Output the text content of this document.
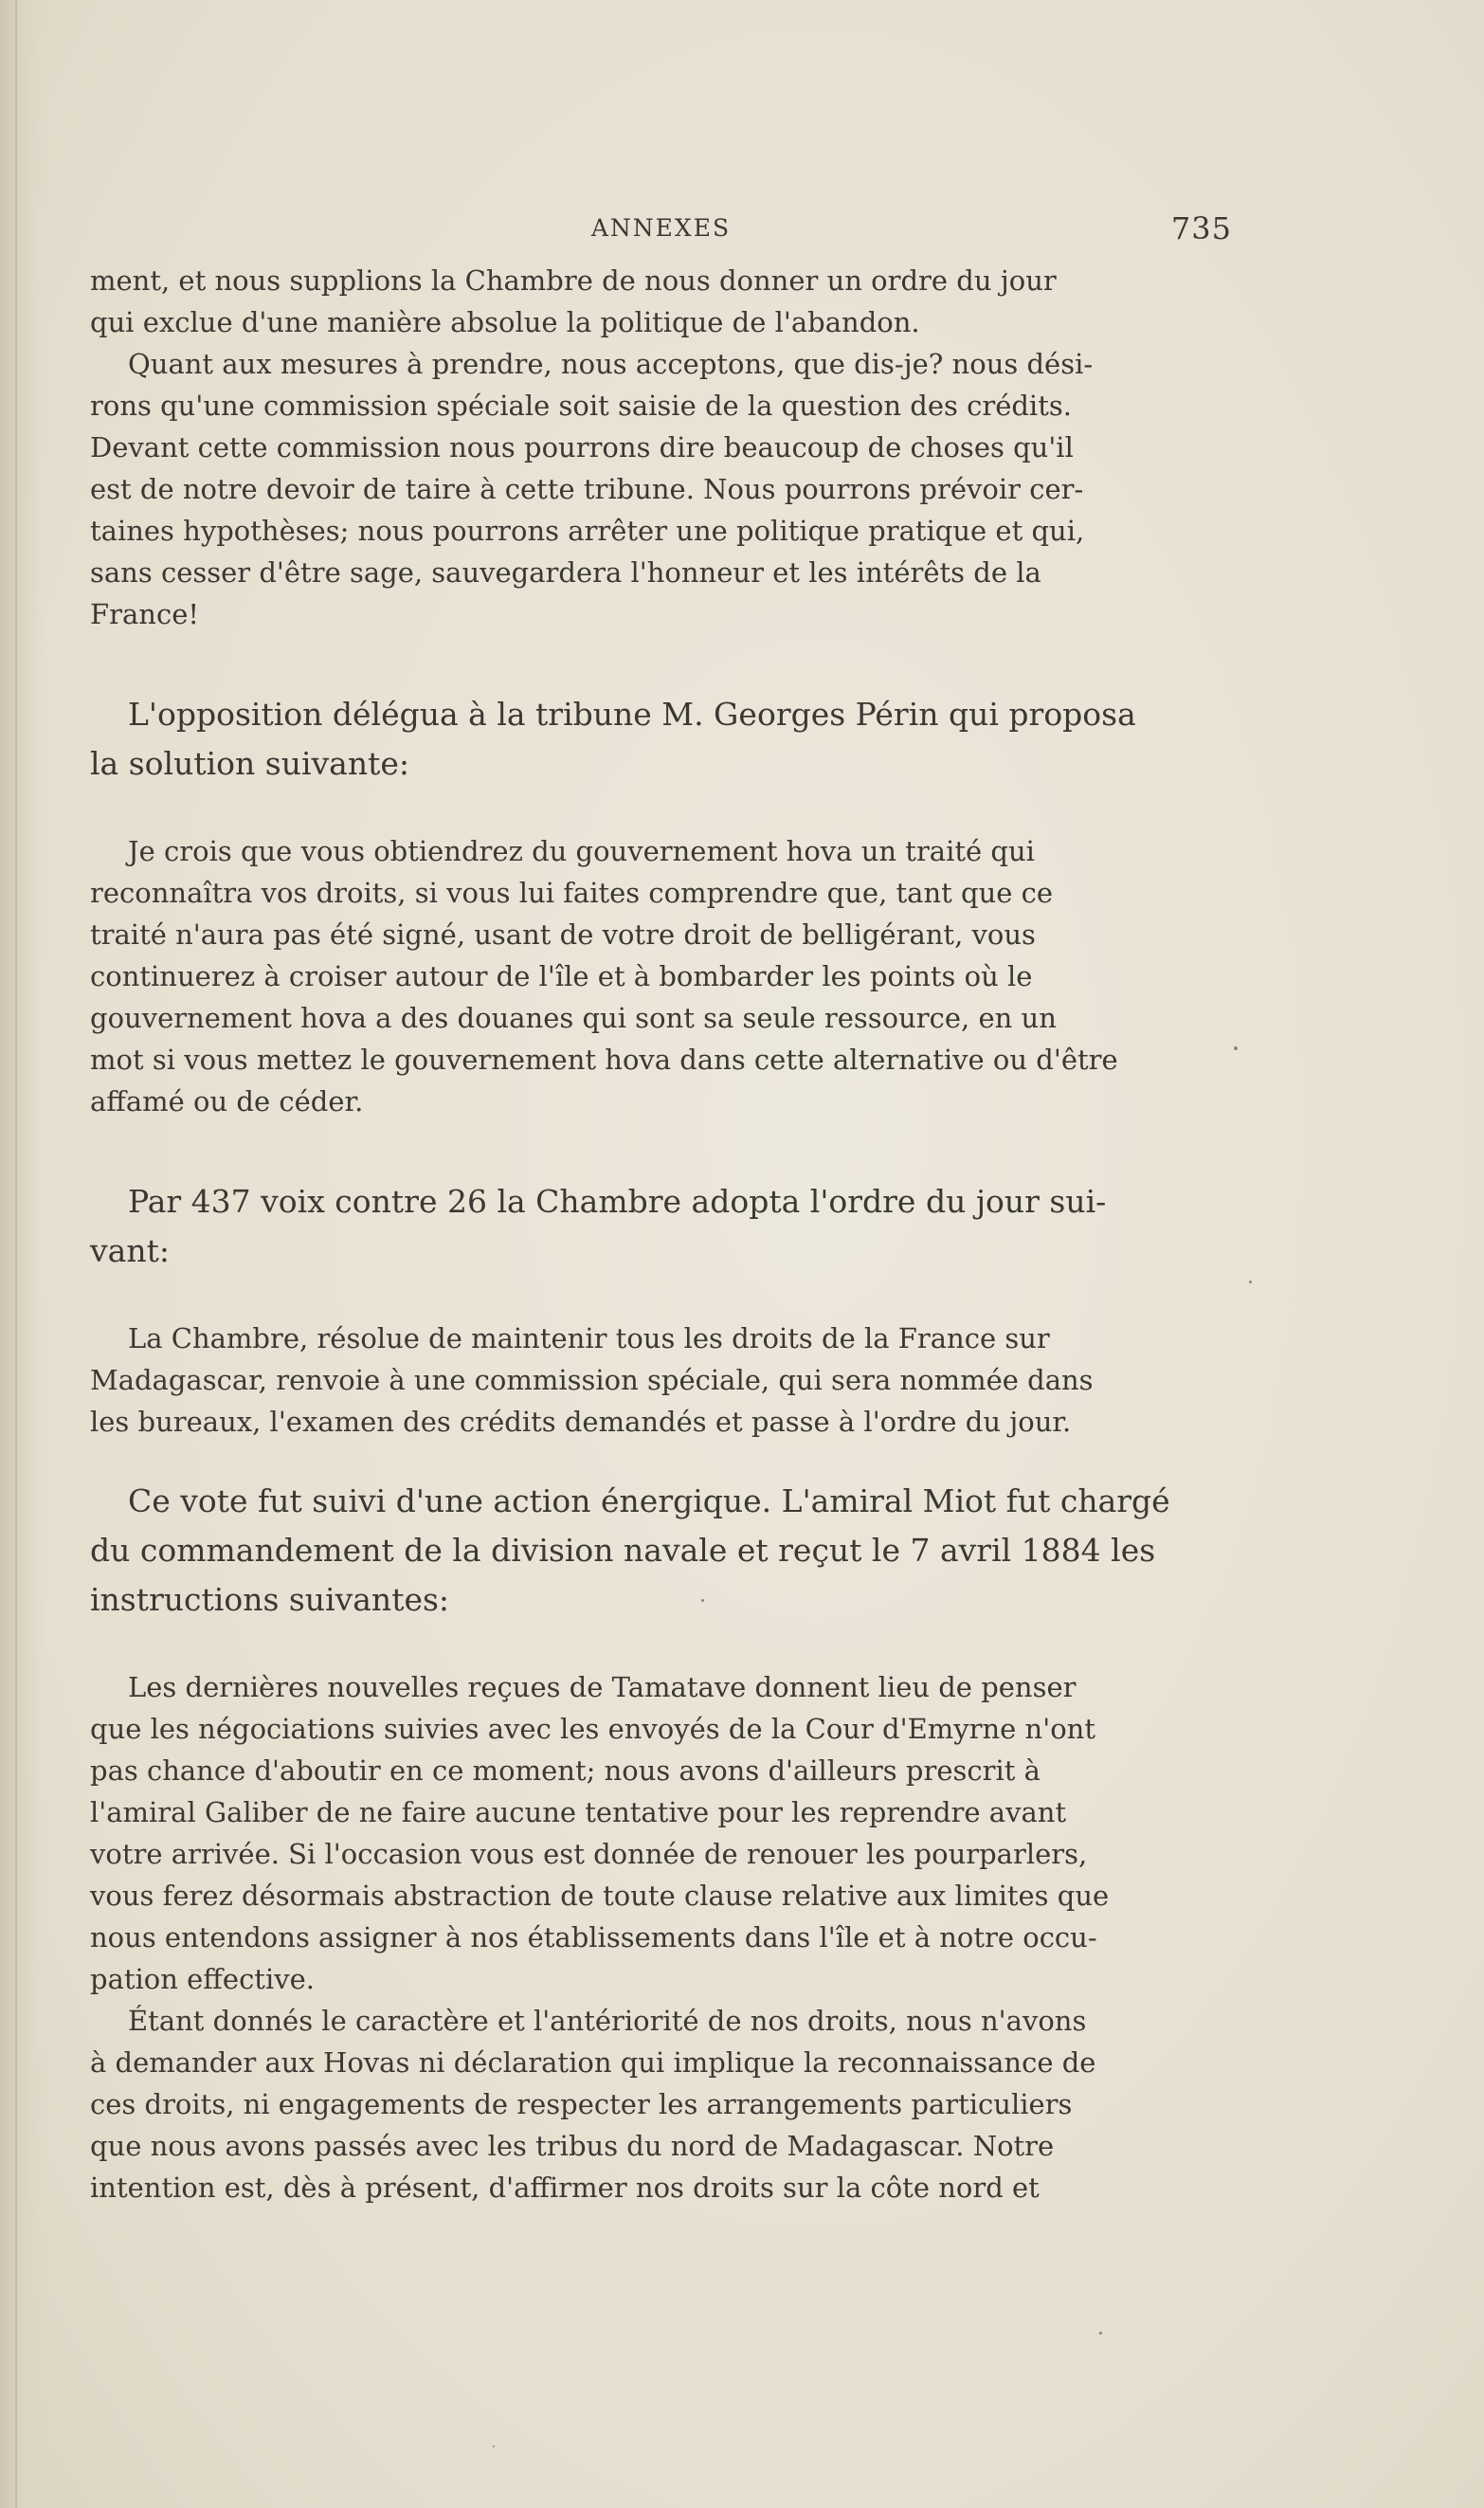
ANNEXES	735

ment, et nous supplions la Chambre de nous donner un ordre du jour
qui exclue d'une manière absolue la politique de l'abandon.

Quant aux mesures à prendre, nous acceptons, que dis-je? nous dési-
rons qu'une commission spéciale soit saisie de la question des crédits.
Devant cette commission nous pourrons dire beaucoup de choses qu'il
est de notre devoir de taire à cette tribune. Nous pourrons prévoir cer-
taines hypothèses; nous pourrons arrêter une politique pratique et qui,
sans cesser d'être sage, sauvegardera l'honneur et les intérêts de la
France!

L'opposition délégua à la tribune M. Georges Périn qui proposa
la solution suivante:

Je crois que vous obtiendrez du gouvernement hova un traité qui
reconnaîtra vos droits, si vous lui faites comprendre que, tant que ce
traité n'aura pas été signé, usant de votre droit de belligérant, vous
continuerez à croiser autour de l'île et à bombarder les points où le
gouvernement hova a des douanes qui sont sa seule ressource, en un
mot si vous mettez le gouvernement hova dans cette alternative ou d'être
affamé ou de céder.

Par 437 voix contre 26 la Chambre adopta l'ordre du jour sui-
vant:

La Chambre, résolue de maintenir tous les droits de la France sur
Madagascar, renvoie à une commission spéciale, qui sera nommée dans
les bureaux, l'examen des crédits demandés et passe à l'ordre du jour.

Ce vote fut suivi d'une action énergique. L'amiral Miot fut chargé
du commandement de la division navale et reçut le 7 avril 1884 les
instructions suivantes:

Les dernières nouvelles reçues de Tamatave donnent lieu de penser
que les négociations suivies avec les envoyés de la Cour d'Emyrne n'ont
pas chance d'aboutir en ce moment; nous avons d'ailleurs prescrit à
l'amiral Galiber de ne faire aucune tentative pour les reprendre avant
votre arrivée. Si l'occasion vous est donnée de renouer les pourparlers,
vous ferez désormais abstraction de toute clause relative aux limites que
nous entendons assigner à nos établissements dans l'île et à notre occu-
pation effective.

Étant donnés le caractère et l'antériorité de nos droits, nous n'avons
à demander aux Hovas ni déclaration qui implique la reconnaissance de
ces droits, ni engagements de respecter les arrangements particuliers
que nous avons passés avec les tribus du nord de Madagascar. Notre
intention est, dès à présent, d'affirmer nos droits sur la côte nord et
